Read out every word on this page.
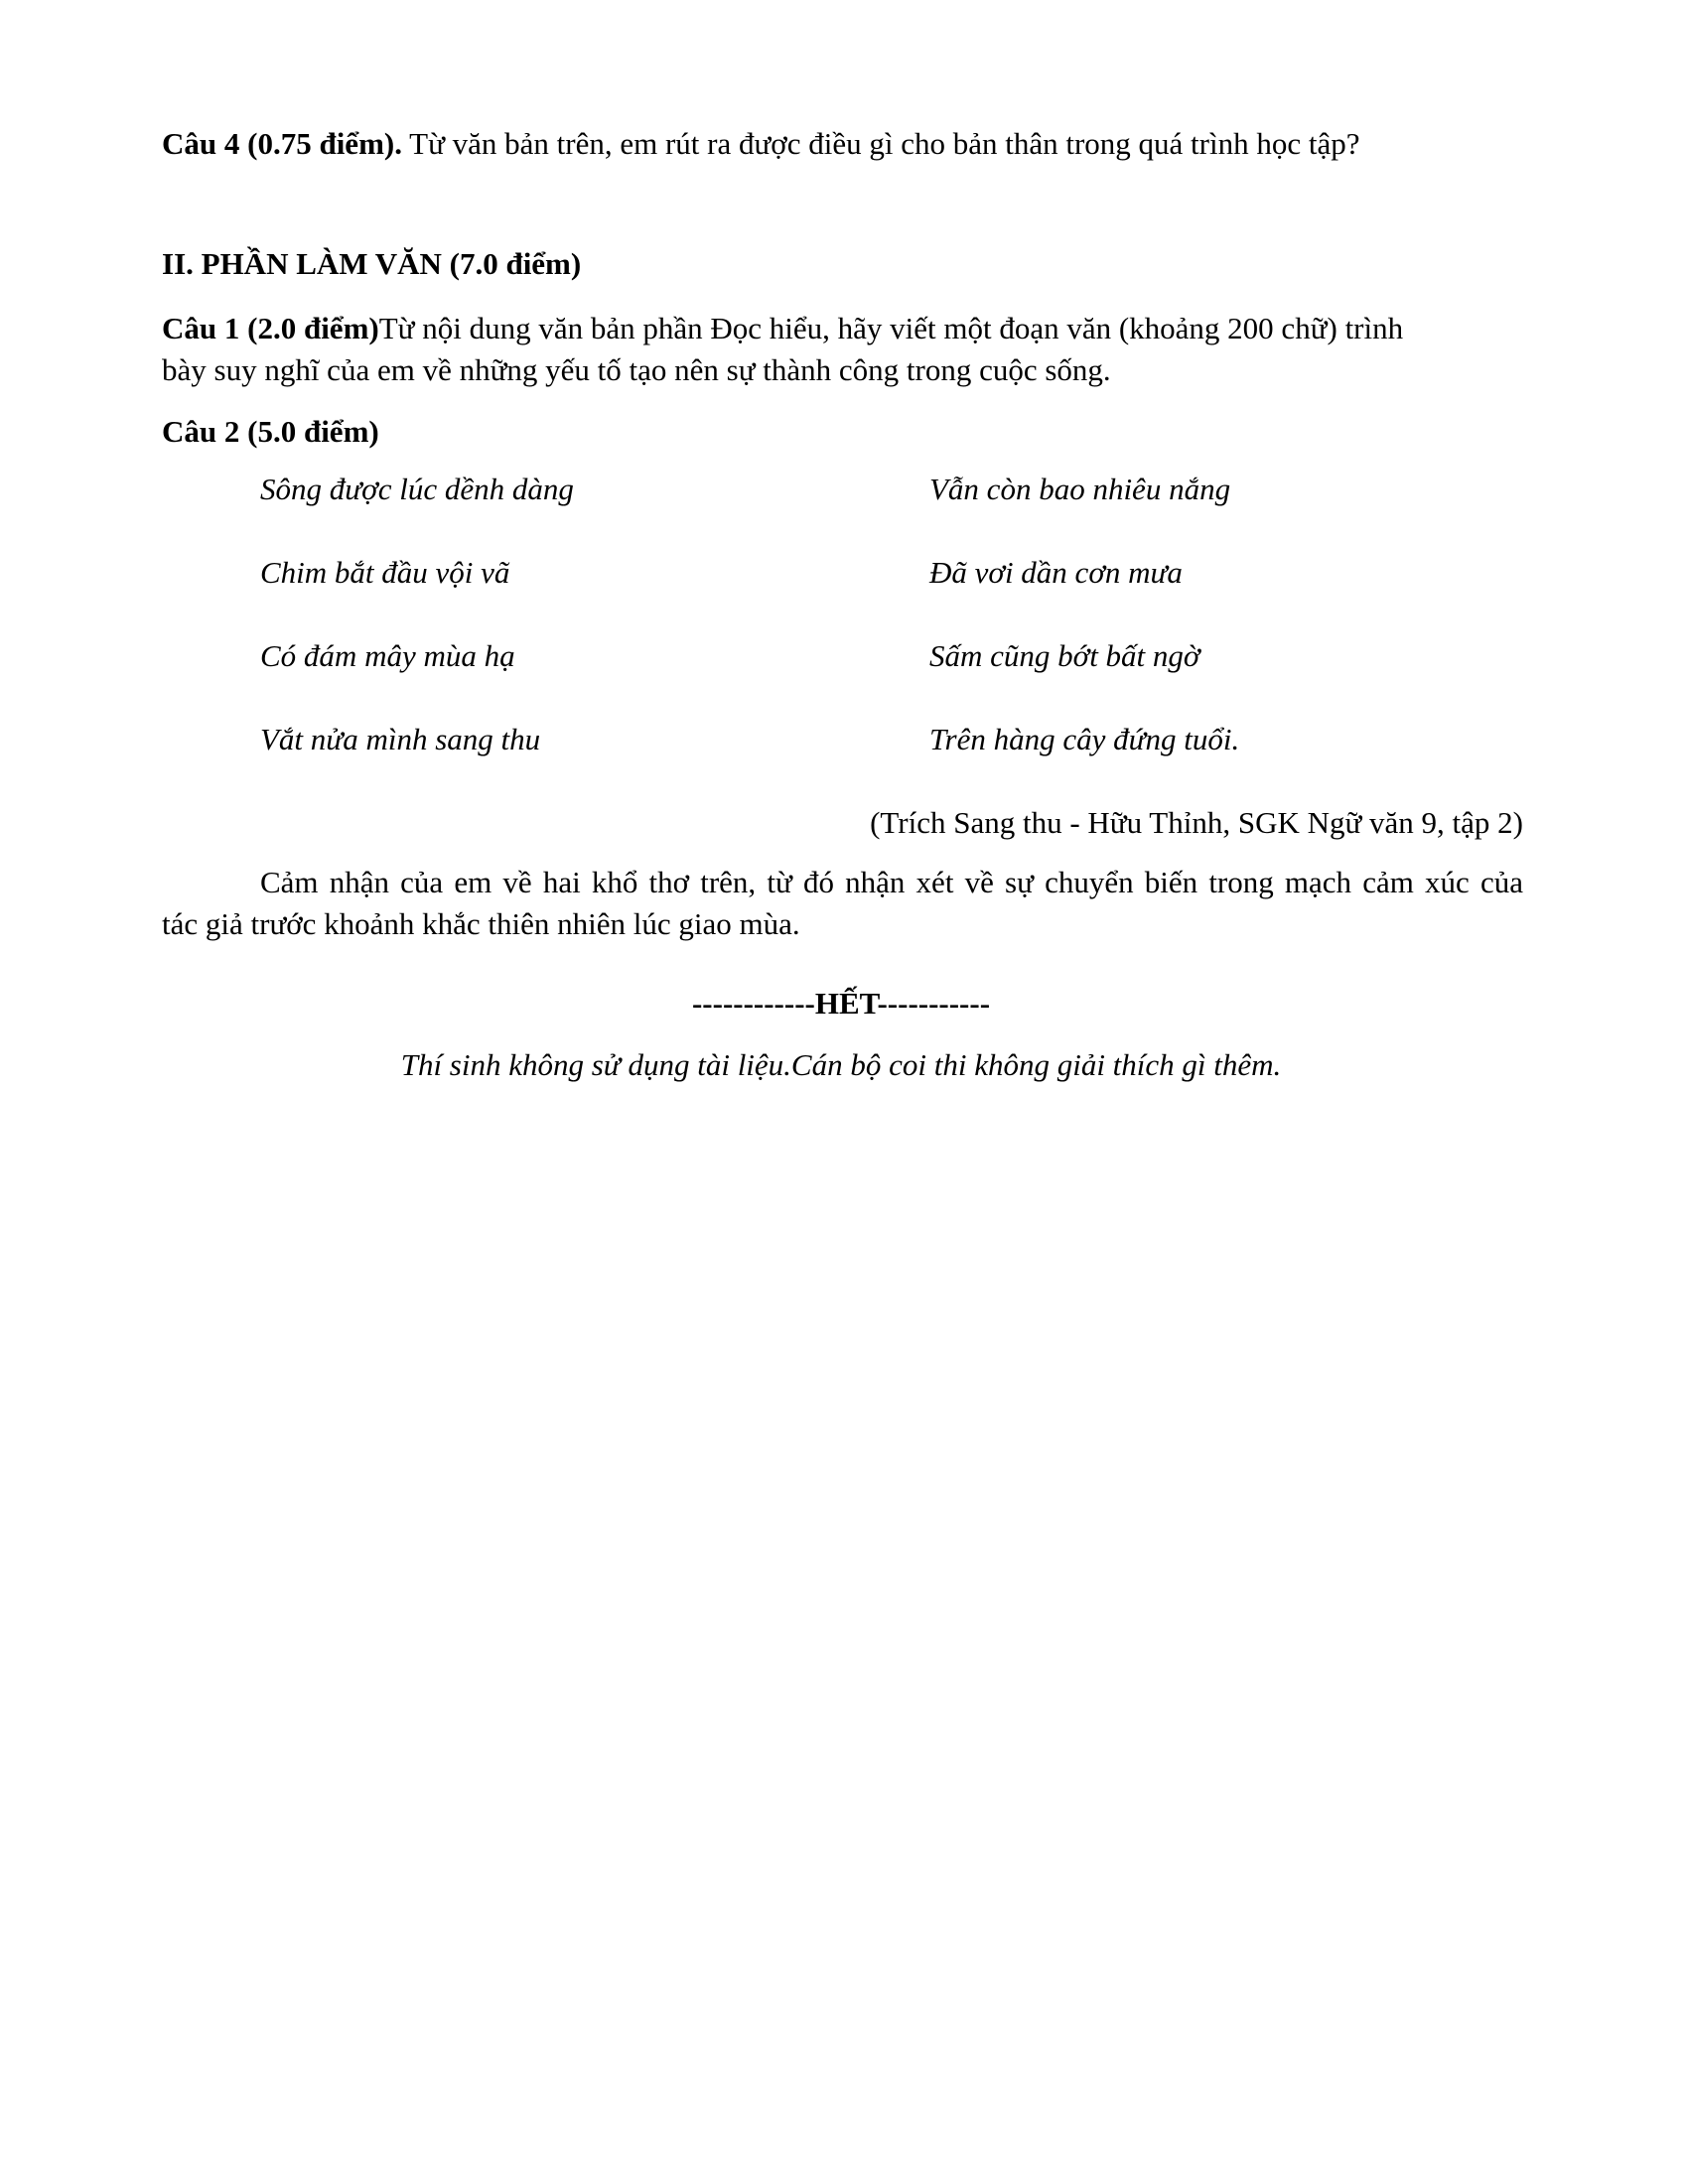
Câu 4 (0.75 điểm). Từ văn bản trên, em rút ra được điều gì cho bản thân trong quá trình học tập?
II. PHẦN LÀM VĂN (7.0 điểm)
Câu 1 (2.0 điểm)Từ nội dung văn bản phần Đọc hiểu, hãy viết một đoạn văn (khoảng 200 chữ) trình
bày suy nghĩ của em về những yếu tố tạo nên sự thành công trong cuộc sống.
Câu 2 (5.0 điểm)
Sông được lúc dềnh dàng
Chim bắt đầu vội vã
Có đám mây mùa hạ
Vắt nửa mình sang thu
Vẫn còn bao nhiêu nắng
Đã vơi dần cơn mưa
Sấm cũng bớt bất ngờ
Trên hàng cây đứng tuổi.
(Trích Sang thu - Hữu Thỉnh, SGK Ngữ văn 9, tập 2)
Cảm nhận của em về hai khổ thơ trên, từ đó nhận xét về sự chuyển biến trong mạch cảm xúc của
tác giả trước khoảnh khắc thiên nhiên lúc giao mùa.
------------HẾT-----------
Thí sinh không sử dụng tài liệu.Cán bộ coi thi không giải thích gì thêm.
